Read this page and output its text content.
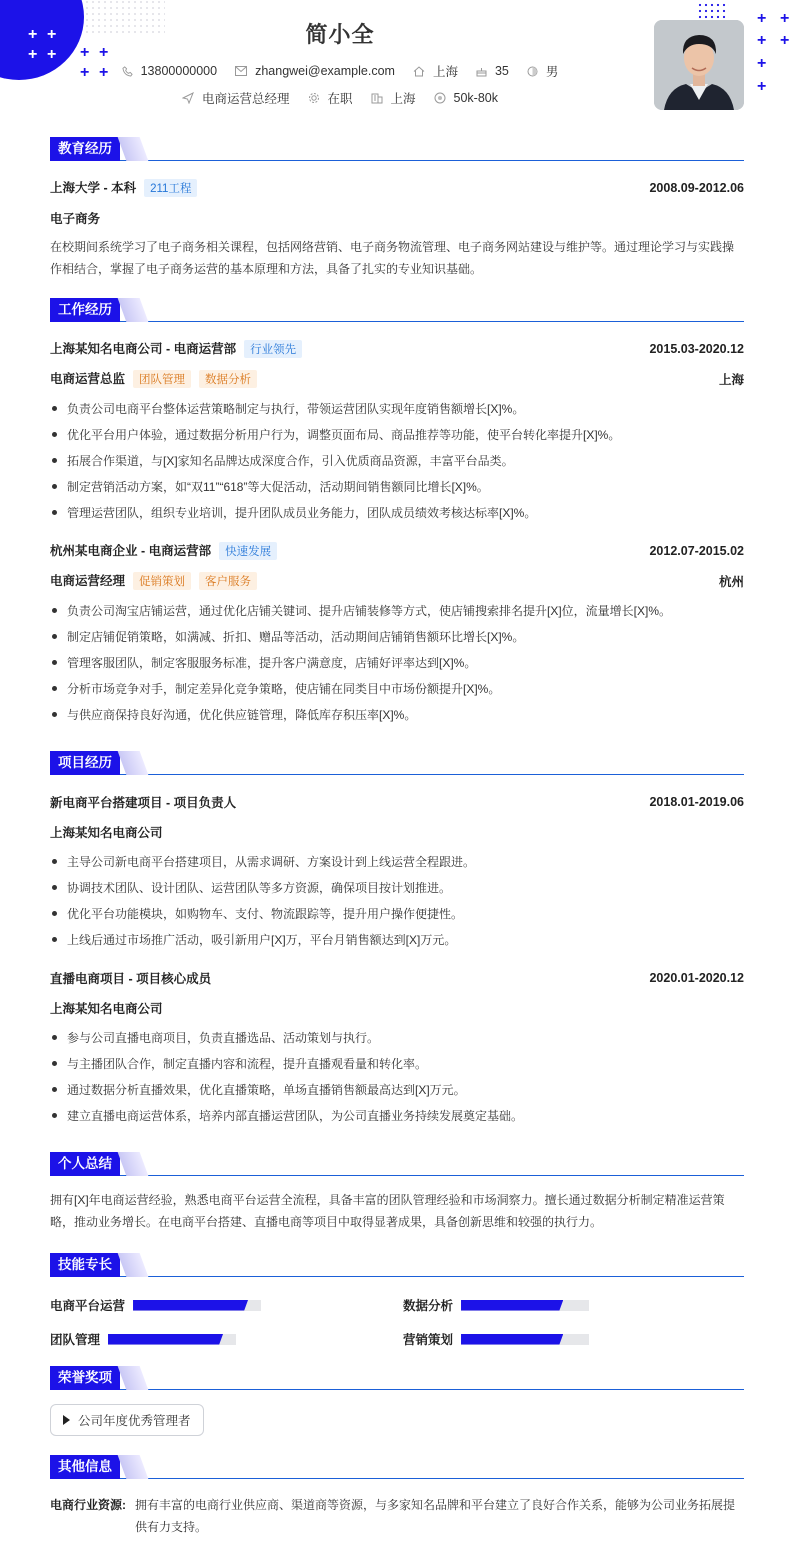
+ +
+ + + +
+ +
+ +
+ +
+
+
简小全
13800000000	zhangwei@example.com	上海	35	男
电商运营总经理	在职	上海	50k-80k
教育经历
上海大学 - 本科 211工程	2008.09-2012.06
电子商务
在校期间系统学习了电子商务相关课程，包括网络营销、电子商务物流管理、电子商务网站建设与维护等。通过理论学习与实践操作相结合，掌握了电子商务运营的基本原理和方法，具备了扎实的专业知识基础。
工作经历
上海某知名电商公司 - 电商运营部 行业领先	2015.03-2020.12
电商运营总监 团队管理 数据分析	上海
负责公司电商平台整体运营策略制定与执行，带领运营团队实现年度销售额增长[X]%。
优化平台用户体验，通过数据分析用户行为，调整页面布局、商品推荐等功能，使平台转化率提升[X]%。
拓展合作渠道，与[X]家知名品牌达成深度合作，引入优质商品资源，丰富平台品类。
制定营销活动方案，如“双11”“618”等大促活动，活动期间销售额同比增长[X]%。
管理运营团队，组织专业培训，提升团队成员业务能力，团队成员绩效考核达标率[X]%。
杭州某电商企业 - 电商运营部 快速发展	2012.07-2015.02
电商运营经理 促销策划 客户服务	杭州
负责公司淘宝店铺运营，通过优化店铺关键词、提升店铺装修等方式，使店铺搜索排名提升[X]位，流量增长[X]%。
制定店铺促销策略，如满减、折扣、赠品等活动，活动期间店铺销售额环比增长[X]%。
管理客服团队，制定客服服务标准，提升客户满意度，店铺好评率达到[X]%。
分析市场竞争对手，制定差异化竞争策略，使店铺在同类目中市场份额提升[X]%。
与供应商保持良好沟通，优化供应链管理，降低库存积压率[X]%。
项目经历
新电商平台搭建项目 - 项目负责人	2018.01-2019.06
上海某知名电商公司
主导公司新电商平台搭建项目，从需求调研、方案设计到上线运营全程跟进。
协调技术团队、设计团队、运营团队等多方资源，确保项目按计划推进。
优化平台功能模块，如购物车、支付、物流跟踪等，提升用户操作便捷性。
上线后通过市场推广活动，吸引新用户[X]万，平台月销售额达到[X]万元。
直播电商项目 - 项目核心成员	2020.01-2020.12
上海某知名电商公司
参与公司直播电商项目，负责直播选品、活动策划与执行。
与主播团队合作，制定直播内容和流程，提升直播观看量和转化率。
通过数据分析直播效果，优化直播策略，单场直播销售额最高达到[X]万元。
建立直播电商运营体系，培养内部直播运营团队，为公司直播业务持续发展奠定基础。
个人总结
拥有[X]年电商运营经验，熟悉电商平台运营全流程，具备丰富的团队管理经验和市场洞察力。擅长通过数据分析制定精准运营策略，推动业务增长。在电商平台搭建、直播电商等项目中取得显著成果，具备创新思维和较强的执行力。
技能专长
电商平台运营	数据分析
团队管理	营销策划
荣誉奖项
公司年度优秀管理者
其他信息
电商行业资源: 拥有丰富的电商行业供应商、渠道商等资源，与多家知名品牌和平台建立了良好合作关系，能够为公司业务拓展提供有力支持。
